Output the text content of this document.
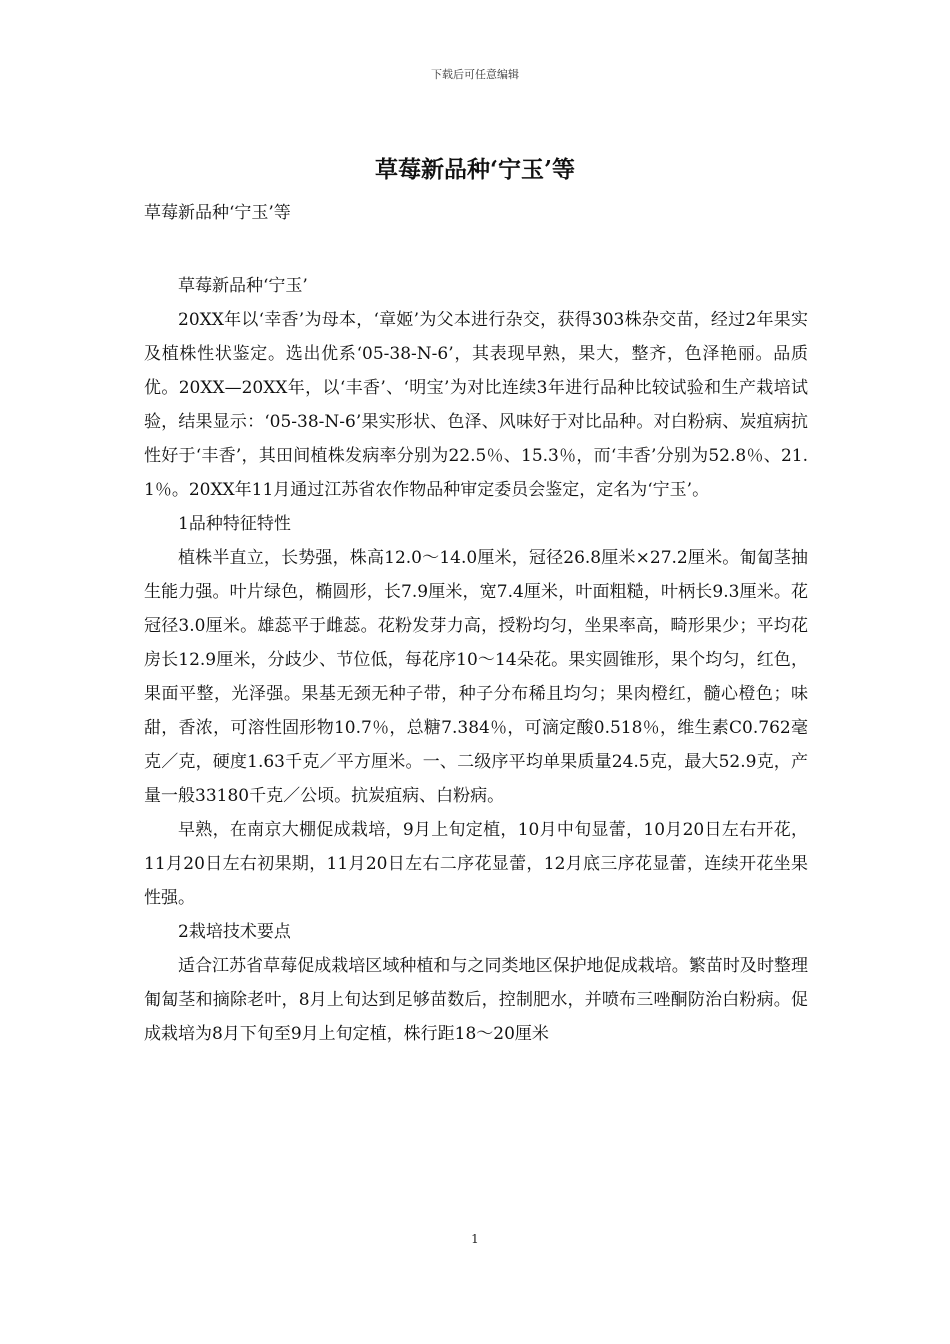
下载后可任意编辑
草莓新品种‘宁玉’等
草莓新品种‘宁玉’等

草莓新品种‘宁玉’

20XX年以‘幸香’为母本，‘章姬’为父本进行杂交，获得303株杂交苗，经过2年果实及植株性状鉴定。选出优系‘05-38-N-6’，其表现早熟，果大，整齐，色泽艳丽。品质优。20XX—20XX年，以‘丰香’、‘明宝’为对比连续3年进行品种比较试验和生产栽培试验，结果显示：‘05-38-N-6’果实形状、色泽、风味好于对比品种。对白粉病、炭疽病抗性好于‘丰香’，其田间植株发病率分别为22.5％、15.3％，而‘丰香’分别为52.8％、21.1％。20XX年11月通过江苏省农作物品种审定委员会鉴定，定名为‘宁玉’。

1品种特征特性

植株半直立，长势强，株高12.0～14.0厘米，冠径26.8厘米×27.2厘米。匍匐茎抽生能力强。叶片绿色，椭圆形，长7.9厘米，宽7.4厘米，叶面粗糙，叶柄长9.3厘米。花冠径3.0厘米。雄蕊平于雌蕊。花粉发芽力高，授粉均匀，坐果率高，畸形果少；平均花房长12.9厘米，分歧少、节位低，每花序10～14朵花。果实圆锥形，果个均匀，红色，果面平整，光泽强。果基无颈无种子带，种子分布稀且均匀；果肉橙红，髓心橙色；味甜，香浓，可溶性固形物10.7％，总糖7.384％，可滴定酸0.518％，维生素C0.762毫克／克，硬度1.63千克／平方厘米。一、二级序平均单果质量24.5克，最大52.9克，产量一般33180千克／公顷。抗炭疽病、白粉病。

早熟，在南京大棚促成栽培，9月上旬定植，10月中旬显蕾，10月20日左右开花，11月20日左右初果期，11月20日左右二序花显蕾，12月底三序花显蕾，连续开花坐果性强。

2栽培技术要点

适合江苏省草莓促成栽培区域种植和与之同类地区保护地促成栽培。繁苗时及时整理匍匐茎和摘除老叶，8月上旬达到足够苗数后，控制肥水，并喷布三唑酮防治白粉病。促成栽培为8月下旬至9月上旬定植，株行距18～20厘米

1
